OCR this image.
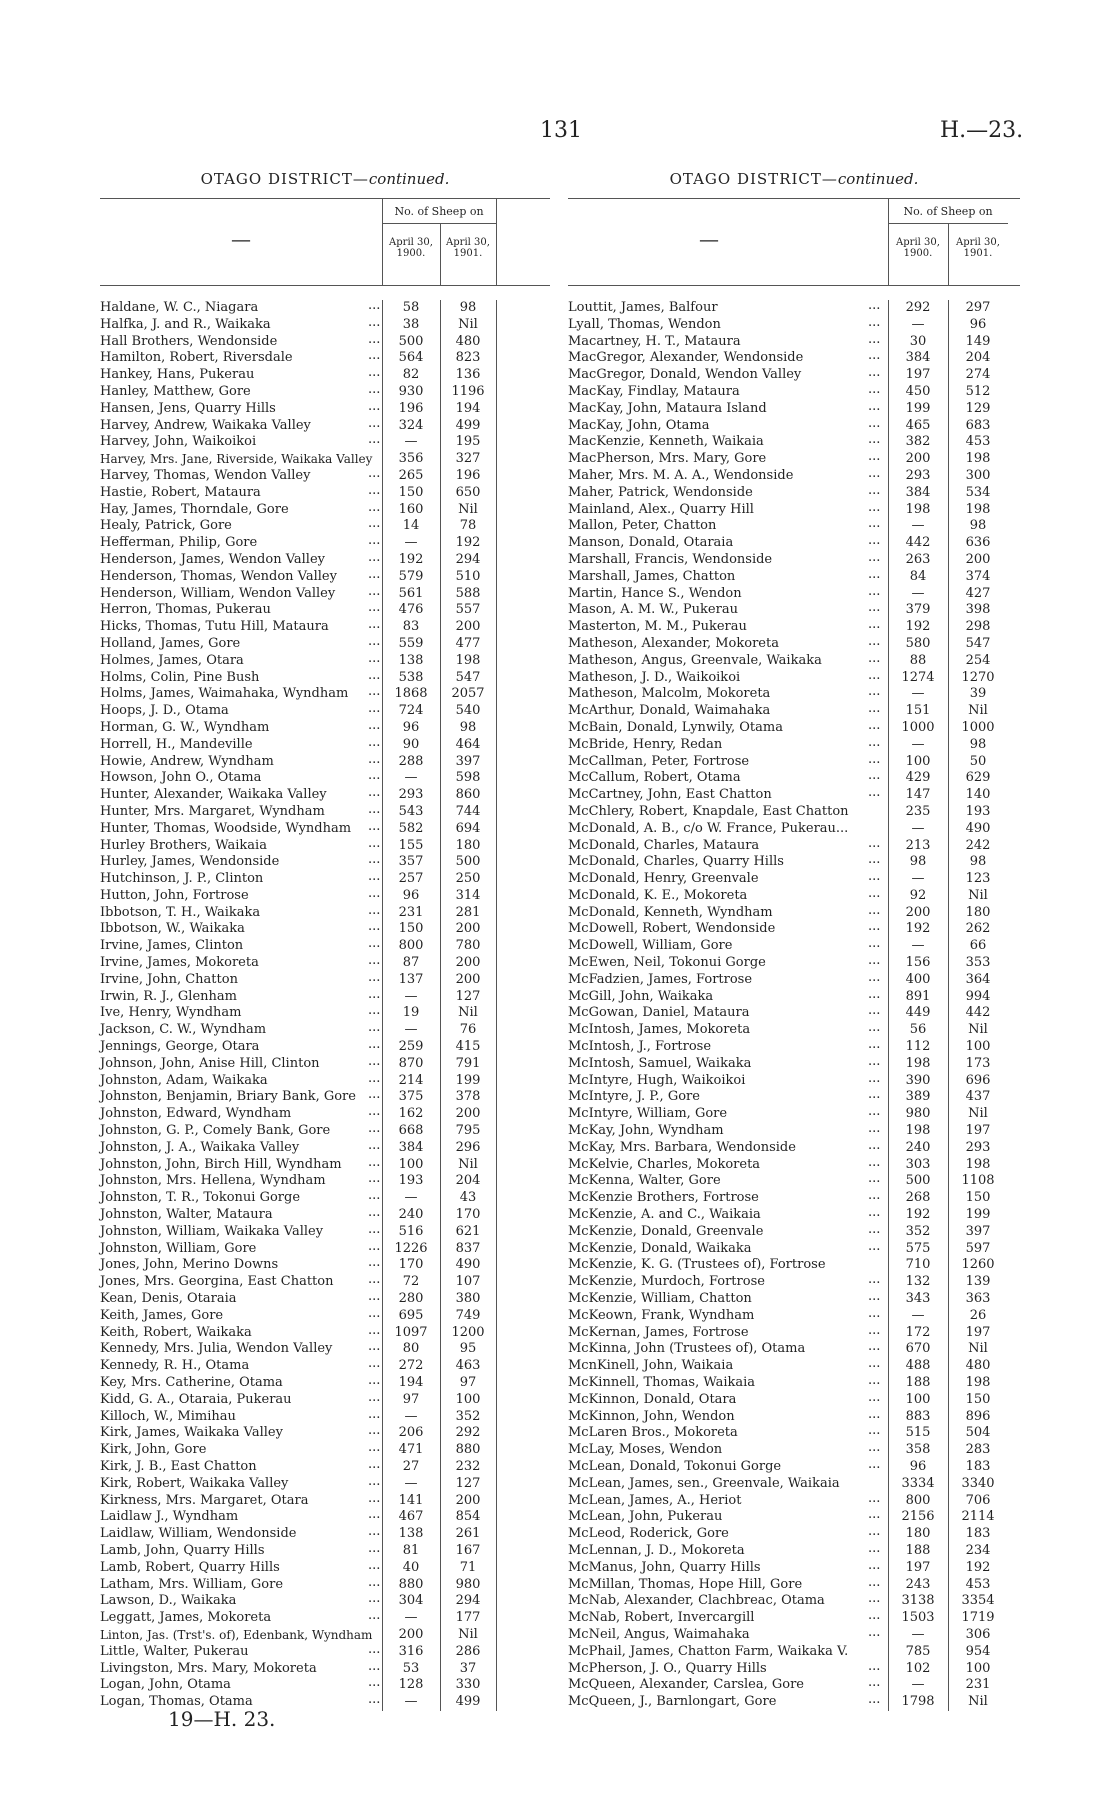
131	H.—23.
OTAGO DISTRICT—continued.
—
No. of Sheep on
April 30,
1900.
April 30,
1901.
Haldane, W. C., Niagara	...	58	98
Halfka, J. and R., Waikaka	...	38	Nil
Hall Brothers, Wendonside	...	500	480
Hamilton, Robert, Riversdale	...	564	823
Hankey, Hans, Pukerau	...	82	136
Hanley, Matthew, Gore	...	930	1196
Hansen, Jens, Quarry Hills	...	196	194
Harvey, Andrew, Waikaka Valley	...	324	499
Harvey, John, Waikoikoi	...	—	195
Harvey, Mrs. Jane, Riverside, Waikaka Valley	356	327
Harvey, Thomas, Wendon Valley	...	265	196
Hastie, Robert, Mataura	...	150	650
Hay, James, Thorndale, Gore	...	160	Nil
Healy, Patrick, Gore	...	14	78
Hefferman, Philip, Gore	...	—	192
Henderson, James, Wendon Valley	...	192	294
Henderson, Thomas, Wendon Valley ...	579	510
Henderson, William, Wendon Valley	...	561	588
Herron, Thomas, Pukerau	...	476	557
Hicks, Thomas, Tutu Hill, Mataura	...	83	200
Holland, James, Gore	...	559	477
Holmes, James, Otara	...	138	198
Holms, Colin, Pine Bush	...	538	547
Holms, James, Waimahaka, Wyndham ...	1868	2057
Hoops, J. D., Otama	...	724	540
Horman, G. W., Wyndham	...	96	98
Horrell, H., Mandeville	...	90	464
Howie, Andrew, Wyndham	...	288	397
Howson, John O., Otama	...	—	598
Hunter, Alexander, Waikaka Valley	...	293	860
Hunter, Mrs. Margaret, Wyndham	...	543	744
Hunter, Thomas, Woodside, Wyndham ...	582	694
Hurley Brothers, Waikaia	...	155	180
Hurley, James, Wendonside	...	357	500
Hutchinson, J. P., Clinton	...	257	250
Hutton, John, Fortrose	...	96	314
Ibbotson, T. H., Waikaka	...	231	281
Ibbotson, W., Waikaka	...	150	200
Irvine, James, Clinton	...	800	780
Irvine, James, Mokoreta	...	87	200
Irvine, John, Chatton	...	137	200
Irwin, R. J., Glenham	...	—	127
Ive, Henry, Wyndham	...	19	Nil
Jackson, C. W., Wyndham	...	—	76
Jennings, George, Otara	...	259	415
Johnson, John, Anise Hill, Clinton	...	870	791
Johnston, Adam, Waikaka	...	214	199
Johnston, Benjamin, Briary Bank, Gore ...	375	378
Johnston, Edward, Wyndham	...	162	200
Johnston, G. P., Comely Bank, Gore	...	668	795
Johnston, J. A., Waikaka Valley	...	384	296
Johnston, John, Birch Hill, Wyndham ...	100	Nil
Johnston, Mrs. Hellena, Wyndham	...	193	204
Johnston, T. R., Tokonui Gorge	...	—	43
Johnston, Walter, Mataura	...	240	170
Johnston, William, Waikaka Valley	...	516	621
Johnston, William, Gore	...	1226	837
Jones, John, Merino Downs	...	170	490
Jones, Mrs. Georgina, East Chatton	...	72	107
Kean, Denis, Otaraia	...	280	380
Keith, James, Gore	...	695	749
Keith, Robert, Waikaka	...	1097	1200
Kennedy, Mrs. Julia, Wendon Valley	...	80	95
Kennedy, R. H., Otama	...	272	463
Key, Mrs. Catherine, Otama	...	194	97
Kidd, G. A., Otaraia, Pukerau	...	97	100
Killoch, W., Mimihau	...	—	352
Kirk, James, Waikaka Valley	...	206	292
Kirk, John, Gore	...	471	880
Kirk, J. B., East Chatton	...	27	232
Kirk, Robert, Waikaka Valley	...	—	127
Kirkness, Mrs. Margaret, Otara	...	141	200
Laidlaw J., Wyndham	...	467	854
Laidlaw, William, Wendonside	...	138	261
Lamb, John, Quarry Hills	...	81	167
Lamb, Robert, Quarry Hills	...	40	71
Latham, Mrs. William, Gore	...	880	980
Lawson, D., Waikaka	...	304	294
Leggatt, James, Mokoreta	...	—	177
Linton, Jas. (Trst's. of), Edenbank, Wyndham	200	Nil
Little, Walter, Pukerau	...	316	286
Livingston, Mrs. Mary, Mokoreta	...	53	37
Logan, John, Otama	...	128	330
Logan, Thomas, Otama	...	—	499
OTAGO DISTRICT—continued.
—
No. of Sheep on
April 30,
1900.
April 30,
1901.
Louttit, James, Balfour	...	292	297
Lyall, Thomas, Wendon	...	—	96
Macartney, H. T., Mataura	...	30	149
MacGregor, Alexander, Wendonside	...	384	204
MacGregor, Donald, Wendon Valley	...	197	274
MacKay, Findlay, Mataura	...	450	512
MacKay, John, Mataura Island	...	199	129
MacKay, John, Otama	...	465	683
MacKenzie, Kenneth, Waikaia	...	382	453
MacPherson, Mrs. Mary, Gore	...	200	198
Maher, Mrs. M. A. A., Wendonside	...	293	300
Maher, Patrick, Wendonside	...	384	534
Mainland, Alex., Quarry Hill	...	198	198
Mallon, Peter, Chatton	...	—	98
Manson, Donald, Otaraia	...	442	636
Marshall, Francis, Wendonside	...	263	200
Marshall, James, Chatton	...	84	374
Martin, Hance S., Wendon	...	—	427
Mason, A. M. W., Pukerau	...	379	398
Masterton, M. M., Pukerau	...	192	298
Matheson, Alexander, Mokoreta	...	580	547
Matheson, Angus, Greenvale, Waikaka	...	88	254
Matheson, J. D., Waikoikoi	...	1274	1270
Matheson, Malcolm, Mokoreta	...	—	39
McArthur, Donald, Waimahaka	...	151	Nil
McBain, Donald, Lynwily, Otama	...	1000	1000
McBride, Henry, Redan	...	—	98
McCallman, Peter, Fortrose	...	100	50
McCallum, Robert, Otama	...	429	629
McCartney, John, East Chatton	...	147	140
McChlery, Robert, Knapdale, East Chatton	235	193
McDonald, A. B., c/o W. France, Pukerau...	—	490
McDonald, Charles, Mataura	...	213	242
McDonald, Charles, Quarry Hills	...	98	98
McDonald, Henry, Greenvale	...	—	123
McDonald, K. E., Mokoreta	...	92	Nil
McDonald, Kenneth, Wyndham	...	200	180
McDowell, Robert, Wendonside	...	192	262
McDowell, William, Gore	...	—	66
McEwen, Neil, Tokonui Gorge	...	156	353
McFadzien, James, Fortrose	...	400	364
McGill, John, Waikaka	...	891	994
McGowan, Daniel, Mataura	...	449	442
McIntosh, James, Mokoreta	...	56	Nil
McIntosh, J., Fortrose	...	112	100
McIntosh, Samuel, Waikaka	...	198	173
McIntyre, Hugh, Waikoikoi	...	390	696
McIntyre, J. P., Gore	...	389	437
McIntyre, William, Gore	...	980	Nil
McKay, John, Wyndham	...	198	197
McKay, Mrs. Barbara, Wendonside	...	240	293
McKelvie, Charles, Mokoreta	...	303	198
McKenna, Walter, Gore	...	500	1108
McKenzie Brothers, Fortrose	...	268	150
McKenzie, A. and C., Waikaia	...	192	199
McKenzie, Donald, Greenvale	...	352	397
McKenzie, Donald, Waikaka	...	575	597
McKenzie, K. G. (Trustees of), Fortrose	710	1260
McKenzie, Murdoch, Fortrose	...	132	139
McKenzie, William, Chatton	...	343	363
McKeown, Frank, Wyndham	...	—	26
McKernan, James, Fortrose	...	172	197
McKinna, John (Trustees of), Otama	...	670	Nil
McnKinell, John, Waikaia	...	488	480
McKinnell, Thomas, Waikaia	...	188	198
McKinnon, Donald, Otara	...	100	150
McKinnon, John, Wendon	...	883	896
McLaren Bros., Mokoreta	...	515	504
McLay, Moses, Wendon	...	358	283
McLean, Donald, Tokonui Gorge	...	96	183
McLean, James, sen., Greenvale, Waikaia	3334	3340
McLean, James, A., Heriot	...	800	706
McLean, John, Pukerau	...	2156	2114
McLeod, Roderick, Gore	...	180	183
McLennan, J. D., Mokoreta	...	188	234
McManus, John, Quarry Hills	...	197	192
McMillan, Thomas, Hope Hill, Gore	...	243	453
McNab, Alexander, Clachbreac, Otama	...	3138	3354
McNab, Robert, Invercargill	...	1503	1719
McNeil, Angus, Waimahaka	...	—	306
McPhail, James, Chatton Farm, Waikaka V.	785	954
McPherson, J. O., Quarry Hills	...	102	100
McQueen, Alexander, Carslea, Gore	...	—	231
McQueen, J., Barnlongart, Gore	...	1798	Nil
19—H. 23.
